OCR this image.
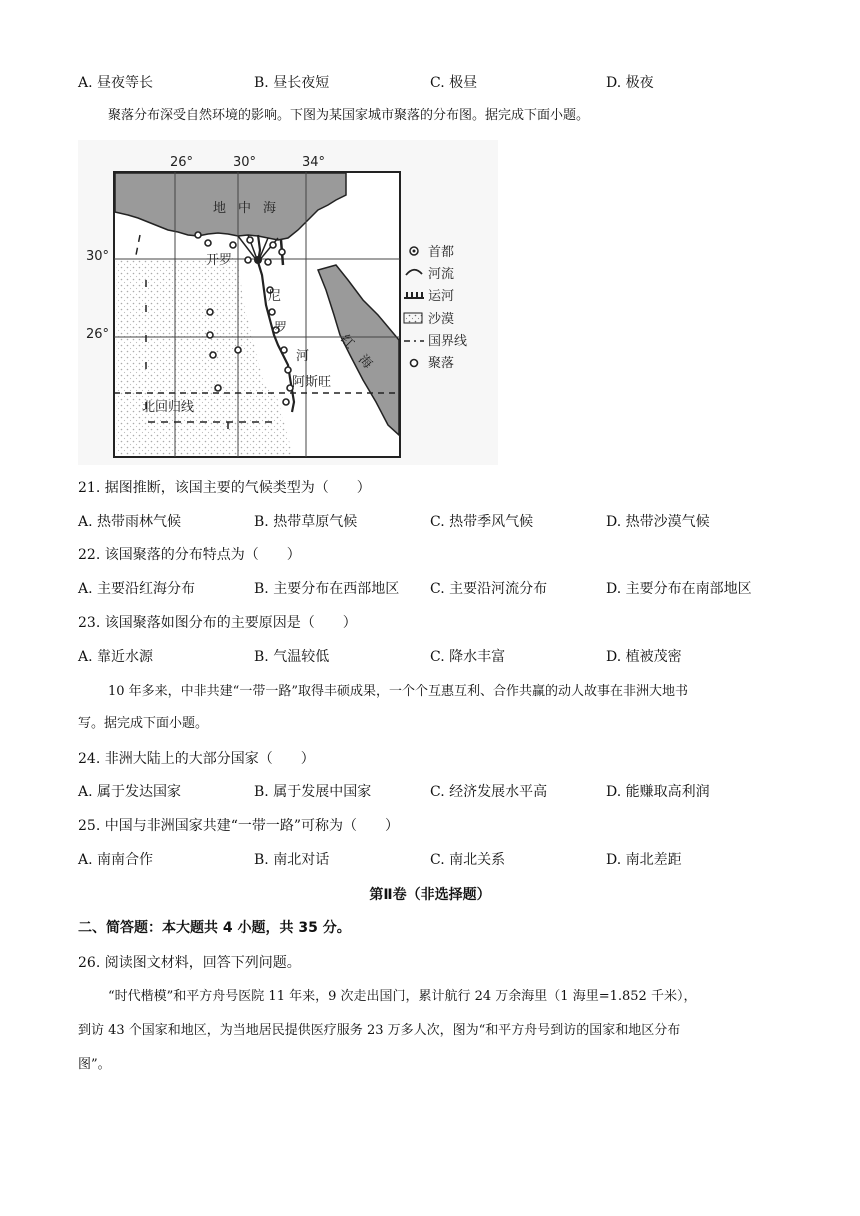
A. 昼夜等长	B. 昼长夜短	C. 极昼	D. 极夜
聚落分布深受自然环境的影响。下图为某国家城市聚落的分布图。据完成下面小题。
26°	30°	34°
30°
26°
地 中 海
开罗
尼
罗
河
阿斯旺
红
海
北回归线
首都
河流
运河
沙漠
国界线
聚落
21. 据图推断，该国主要的气候类型为（　　）
A. 热带雨林气候	B. 热带草原气候	C. 热带季风气候	D. 热带沙漠气候
22. 该国聚落的分布特点为（　　）
A. 主要沿红海分布	B. 主要分布在西部地区 C. 主要沿河流分布	D. 主要分布在南部地区
23. 该国聚落如图分布的主要原因是（　　）
A. 靠近水源	B. 气温较低	C. 降水丰富	D. 植被茂密
10 年多来，中非共建“一带一路”取得丰硕成果，一个个互惠互利、合作共赢的动人故事在非洲大地书
写。据完成下面小题。
24. 非洲大陆上的大部分国家（　　）
A. 属于发达国家	B. 属于发展中国家	C. 经济发展水平高	D. 能赚取高利润
25. 中国与非洲国家共建“一带一路”可称为（　　）
A. 南南合作	B. 南北对话	C. 南北关系	D. 南北差距
第Ⅱ卷（非选择题）
二、简答题：本大题共 4 小题，共 35 分。
26. 阅读图文材料，回答下列问题。
“时代楷模”和平方舟号医院 11 年来，9 次走出国门，累计航行 24 万余海里（1 海里=1.852 千米），
到访 43 个国家和地区，为当地居民提供医疗服务 23 万多人次，图为“和平方舟号到访的国家和地区分布
图”。
